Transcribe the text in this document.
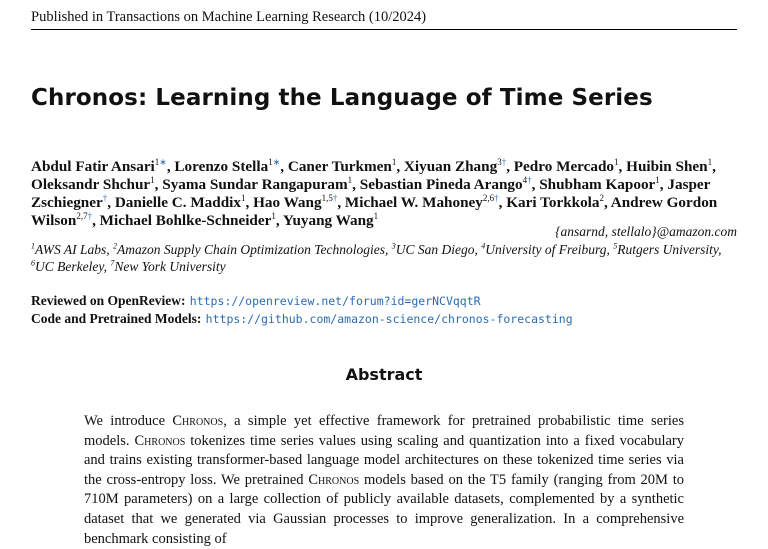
Published in Transactions on Machine Learning Research (10/2024)
Chronos: Learning the Language of Time Series
Abdul Fatir Ansari$^{1∗}$, Lorenzo Stella$^{1∗}$, Caner Turkmen$^1$, Xiyuan Zhang$^{3\dagger}$, Pedro Mercado$^1$, Huibin Shen$^1$, Oleksandr Shchur$^1$, Syama Sundar Rangapuram$^1$, Sebastian Pineda Arango$^{4\dagger}$, Shubham Kapoor$^1$, Jasper Zschiegner†, Danielle C. Maddix$^1$, Hao Wang$^{1,5\dagger}$, Michael W. Mahoney$^{2,6\dagger}$, Kari Torkkola$^2$, Andrew Gordon Wilson$^{2,7\dagger}$, Michael Bohlke-Schneider$^1$, Yuyang Wang$^1$
{ansarnd, stellalo}@amazon.com
$^1$AWS AI Labs, $^2$Amazon Supply Chain Optimization Technologies, $^3$UC San Diego, $^4$University of Freiburg, $^5$Rutgers University, $^6$UC Berkeley, $^7$New York University
Reviewed on OpenReview: https://openreview.net/forum?id=gerNCVqqtR
Code and Pretrained Models: https://github.com/amazon-science/chronos-forecasting
Abstract
We introduce Chronos, a simple yet effective framework for pretrained probabilistic time series models. Chronos tokenizes time series values using scaling and quantization into a fixed vocabulary and trains existing transformer-based language model architectures on these tokenized time series via the cross-entropy loss. We pretrained Chronos models based on the T5 family (ranging from 20M to 710M parameters) on a large collection of publicly available datasets, complemented by a synthetic dataset that we generated via Gaussian processes to improve generalization. In a comprehensive benchmark consisting of
